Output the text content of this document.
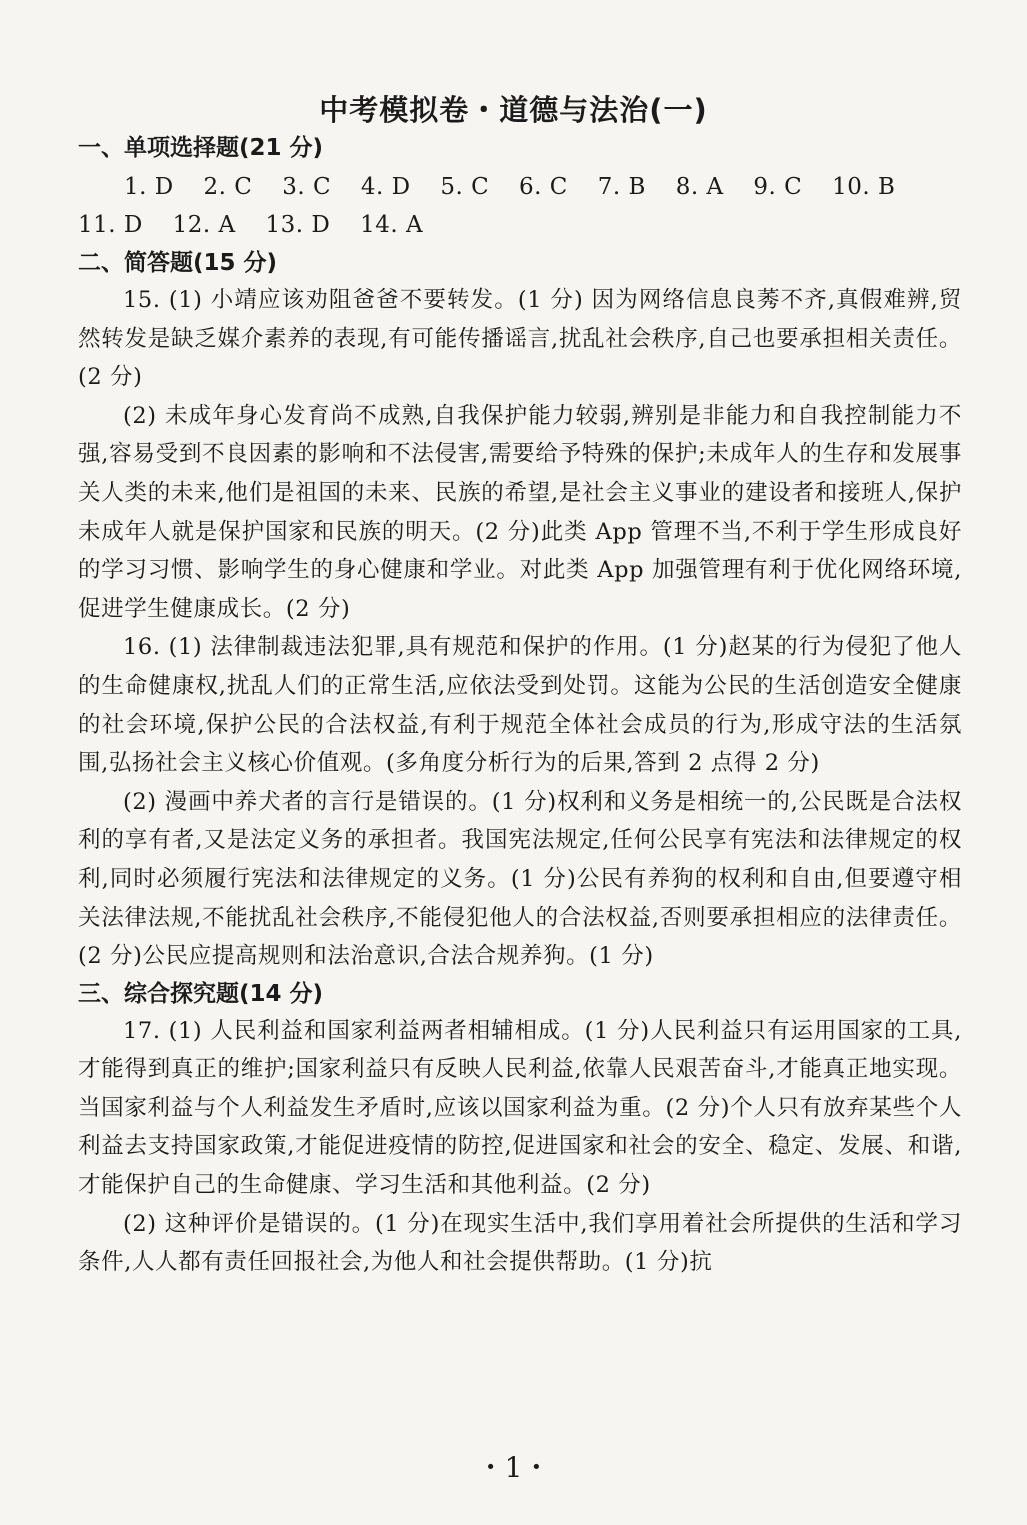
中考模拟卷・道德与法治(一)
一、单项选择题(21 分)
1. D 2. C 3. C 4. D 5. C 6. C 7. B 8. A 9. C 10. B 11. D 12. A 13. D 14. A
二、简答题(15 分)
15. (1) 小靖应该劝阻爸爸不要转发。(1 分) 因为网络信息良莠不齐,真假难辨,贸然转发是缺乏媒介素养的表现,有可能传播谣言,扰乱社会秩序,自己也要承担相关责任。(2 分)
(2) 未成年身心发育尚不成熟,自我保护能力较弱,辨别是非能力和自我控制能力不强,容易受到不良因素的影响和不法侵害,需要给予特殊的保护;未成年人的生存和发展事关人类的未来,他们是祖国的未来、民族的希望,是社会主义事业的建设者和接班人,保护未成年人就是保护国家和民族的明天。(2 分)此类 App 管理不当,不利于学生形成良好的学习习惯、影响学生的身心健康和学业。对此类 App 加强管理有利于优化网络环境,促进学生健康成长。(2 分)
16. (1) 法律制裁违法犯罪,具有规范和保护的作用。(1 分)赵某的行为侵犯了他人的生命健康权,扰乱人们的正常生活,应依法受到处罚。这能为公民的生活创造安全健康的社会环境,保护公民的合法权益,有利于规范全体社会成员的行为,形成守法的生活氛围,弘扬社会主义核心价值观。(多角度分析行为的后果,答到 2 点得 2 分)
(2) 漫画中养犬者的言行是错误的。(1 分)权利和义务是相统一的,公民既是合法权利的享有者,又是法定义务的承担者。我国宪法规定,任何公民享有宪法和法律规定的权利,同时必须履行宪法和法律规定的义务。(1 分)公民有养狗的权利和自由,但要遵守相关法律法规,不能扰乱社会秩序,不能侵犯他人的合法权益,否则要承担相应的法律责任。(2 分)公民应提高规则和法治意识,合法合规养狗。(1 分)
三、综合探究题(14 分)
17. (1) 人民利益和国家利益两者相辅相成。(1 分)人民利益只有运用国家的工具,才能得到真正的维护;国家利益只有反映人民利益,依靠人民艰苦奋斗,才能真正地实现。当国家利益与个人利益发生矛盾时,应该以国家利益为重。(2 分)个人只有放弃某些个人利益去支持国家政策,才能促进疫情的防控,促进国家和社会的安全、稳定、发展、和谐,才能保护自己的生命健康、学习生活和其他利益。(2 分)
(2) 这种评价是错误的。(1 分)在现实生活中,我们享用着社会所提供的生活和学习条件,人人都有责任回报社会,为他人和社会提供帮助。(1 分)抗
・1・
